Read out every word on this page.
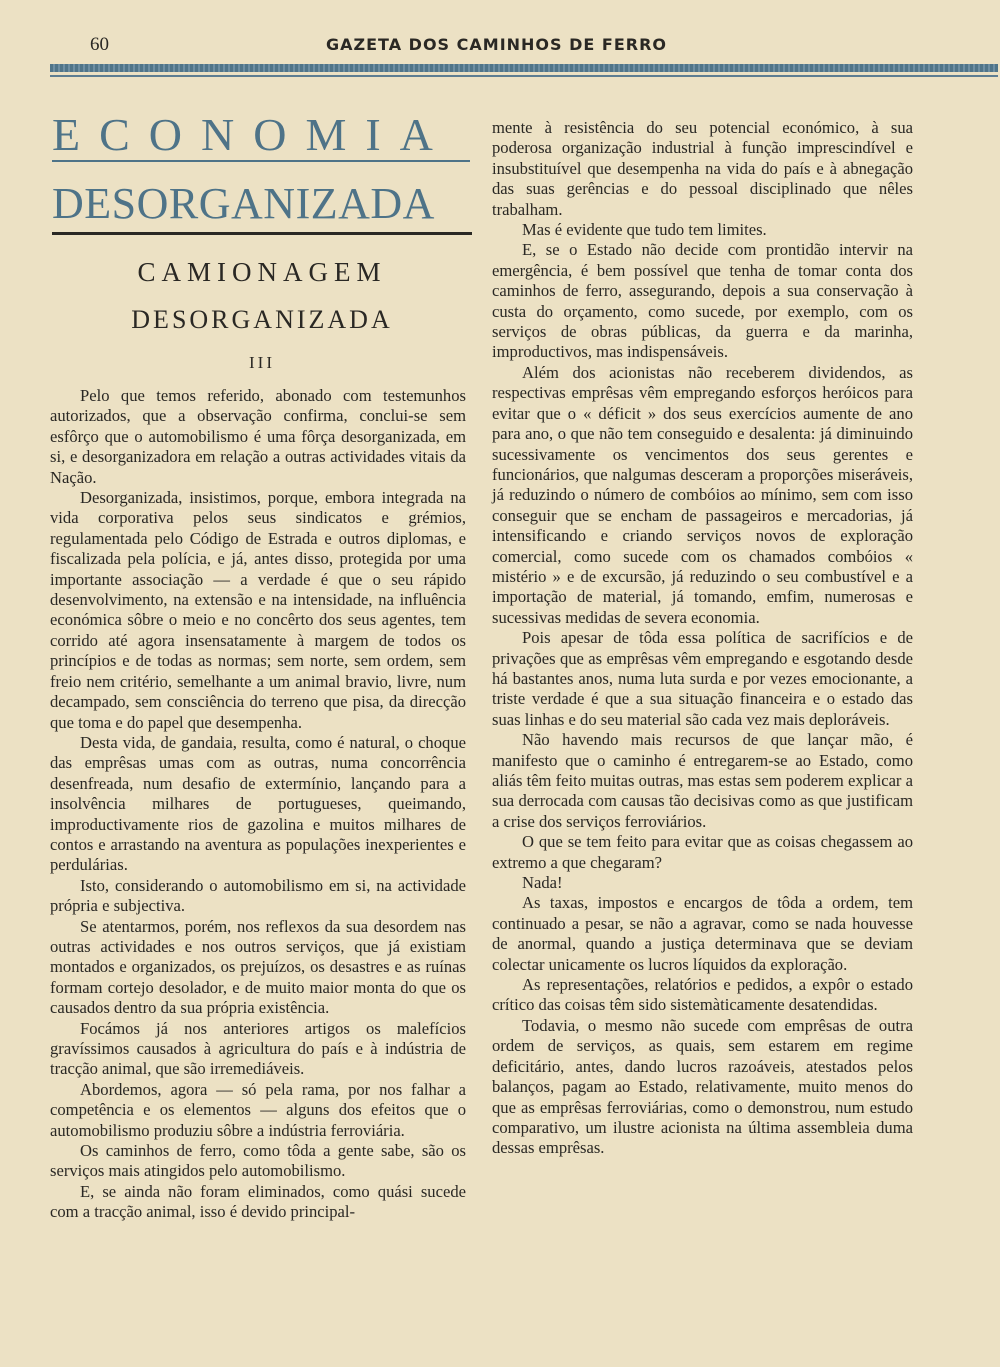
60	GAZETA DOS CAMINHOS DE FERRO
ECONOMIA
DESORGANIZADA
CAMIONAGEM
DESORGANIZADA
III

Pelo que temos referido, abonado com testemunhos autorizados, que a observação confirma, conclui-se sem esfôrço que o automobilismo é uma fôrça desorganizada, em si, e desorganizadora em relação a outras actividades vitais da Nação.

Desorganizada, insistimos, porque, embora integrada na vida corporativa pelos seus sindicatos e grémios, regulamentada pelo Código de Estrada e outros diplomas, e fiscalizada pela polícia, e já, antes disso, protegida por uma importante associação — a verdade é que o seu rápido desenvolvimento, na extensão e na intensidade, na influência económica sôbre o meio e no concêrto dos seus agentes, tem corrido até agora insensatamente à margem de todos os princípios e de todas as normas; sem norte, sem ordem, sem freio nem critério, semelhante a um animal bravio, livre, num decampado, sem consciência do terreno que pisa, da direcção que toma e do papel que desempenha.

Desta vida, de gandaia, resulta, como é natural, o choque das emprêsas umas com as outras, numa concorrência desenfreada, num desafio de extermínio, lançando para a insolvência milhares de portugueses, queimando, improductivamente rios de gazolina e muitos milhares de contos e arrastando na aventura as populações inexperientes e perdulárias.

Isto, considerando o automobilismo em si, na actividade própria e subjectiva.

Se atentarmos, porém, nos reflexos da sua desordem nas outras actividades e nos outros serviços, que já existiam montados e organizados, os prejuízos, os desastres e as ruínas formam cortejo desolador, e de muito maior monta do que os causados dentro da sua própria existência.

Focámos já nos anteriores artigos os malefícios gravíssimos causados à agricultura do país e à indústria de tracção animal, que são irremediáveis.

Abordemos, agora — só pela rama, por nos falhar a competência e os elementos — alguns dos efeitos que o automobilismo produziu sôbre a indústria ferroviária.

Os caminhos de ferro, como tôda a gente sabe, são os serviços mais atingidos pelo automobilismo.

E, se ainda não foram eliminados, como quási sucede com a tracção animal, isso é devido principal-

mente à resistência do seu potencial económico, à sua poderosa organização industrial à função imprescindível e insubstituível que desempenha na vida do país e à abnegação das suas gerências e do pessoal disciplinado que nêles trabalham.

Mas é evidente que tudo tem limites.

E, se o Estado não decide com prontidão intervir na emergência, é bem possível que tenha de tomar conta dos caminhos de ferro, assegurando, depois a sua conservação à custa do orçamento, como sucede, por exemplo, com os serviços de obras públicas, da guerra e da marinha, improductivos, mas indispensáveis.

Além dos acionistas não receberem dividendos, as respectivas emprêsas vêm empregando esforços heróicos para evitar que o « déficit » dos seus exercícios aumente de ano para ano, o que não tem conseguido e desalenta: já diminuindo sucessivamente os vencimentos dos seus gerentes e funcionários, que nalgumas desceram a proporções miseráveis, já reduzindo o número de combóios ao mínimo, sem com isso conseguir que se encham de passageiros e mercadorias, já intensificando e criando serviços novos de exploração comercial, como sucede com os chamados combóios « mistério » e de excursão, já reduzindo o seu combustível e a importação de material, já tomando, emfim, numerosas e sucessivas medidas de severa economia.

Pois apesar de tôda essa política de sacrifícios e de privações que as emprêsas vêm empregando e esgotando desde há bastantes anos, numa luta surda e por vezes emocionante, a triste verdade é que a sua situação financeira e o estado das suas linhas e do seu material são cada vez mais deploráveis.

Não havendo mais recursos de que lançar mão, é manifesto que o caminho é entregarem-se ao Estado, como aliás têm feito muitas outras, mas estas sem poderem explicar a sua derrocada com causas tão decisivas como as que justificam a crise dos serviços ferroviários.

O que se tem feito para evitar que as coisas chegassem ao extremo a que chegaram?

Nada!

As taxas, impostos e encargos de tôda a ordem, tem continuado a pesar, se não a agravar, como se nada houvesse de anormal, quando a justiça determinava que se deviam colectar unicamente os lucros líquidos da exploração.

As representações, relatórios e pedidos, a expôr o estado crítico das coisas têm sido sistemàticamente desatendidas.

Todavia, o mesmo não sucede com emprêsas de outra ordem de serviços, as quais, sem estarem em regime deficitário, antes, dando lucros razoáveis, atestados pelos balanços, pagam ao Estado, relativamente, muito menos do que as emprêsas ferroviárias, como o demonstrou, num estudo comparativo, um ilustre acionista na última assembleia duma dessas emprêsas.
